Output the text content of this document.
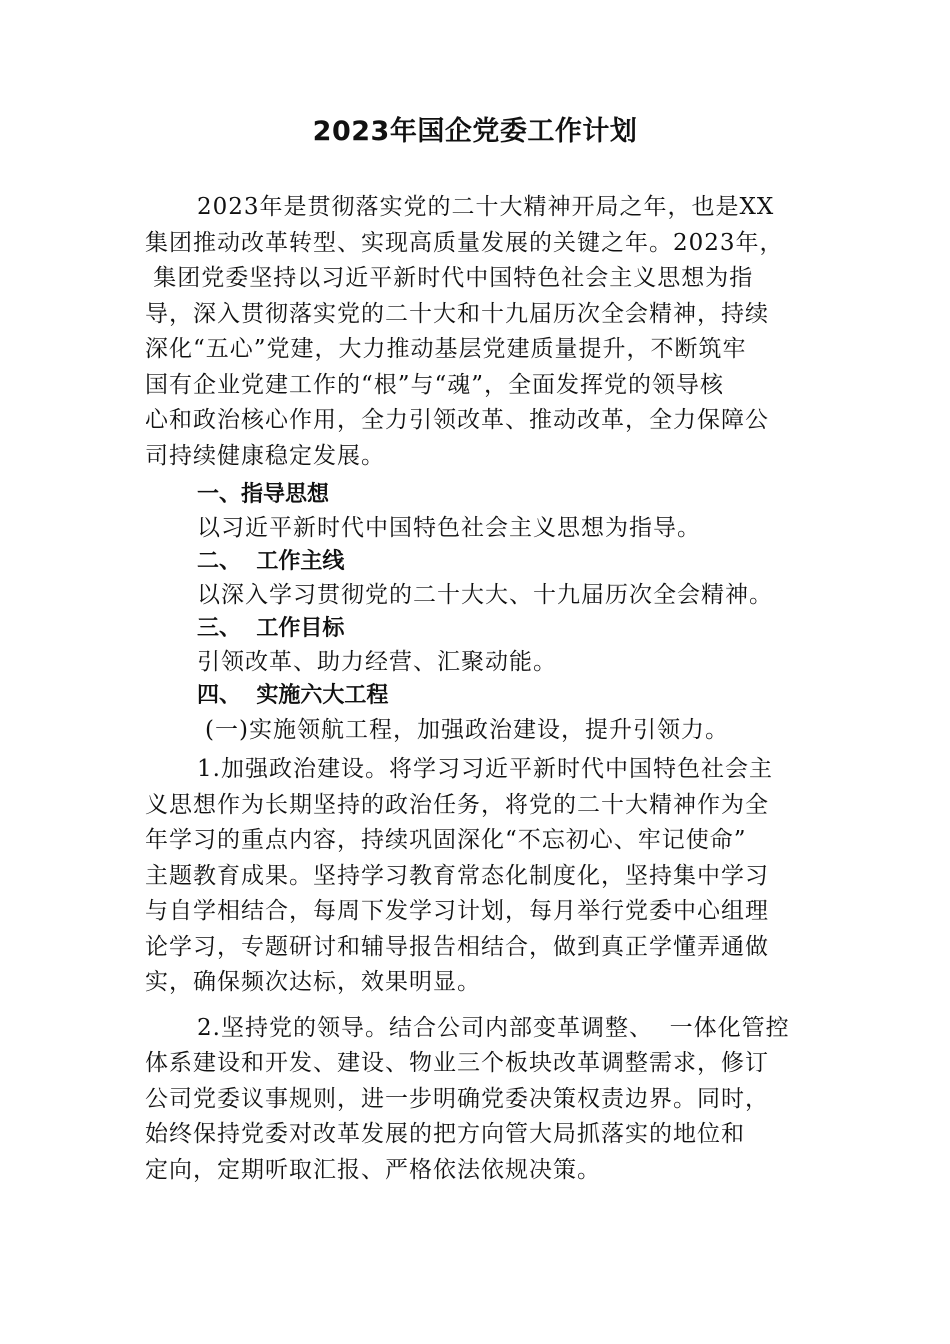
2023年国企党委工作计划
2023年是贯彻落实党的二十大精神开局之年，也是XX
集团推动改革转型、实现高质量发展的关键之年。2023年，
集团党委坚持以习近平新时代中国特色社会主义思想为指
导，深入贯彻落实党的二十大和十九届历次全会精神，持续
深化“五心”党建，大力推动基层党建质量提升，不断筑牢
国有企业党建工作的“根”与“魂”，全面发挥党的领导核
心和政治核心作用，全力引领改革、推动改革，全力保障公
司持续健康稳定发展。
一、指导思想
以习近平新时代中国特色社会主义思想为指导。
二、  工作主线
以深入学习贯彻党的二十大大、十九届历次全会精神。
三、  工作目标
引领改革、助力经营、汇聚动能。
四、  实施六大工程
(一)实施领航工程，加强政治建设，提升引领力。
1.加强政治建设。将学习习近平新时代中国特色社会主
义思想作为长期坚持的政治任务，将党的二十大精神作为全
年学习的重点内容，持续巩固深化“不忘初心、牢记使命”
主题教育成果。坚持学习教育常态化制度化，坚持集中学习
与自学相结合，每周下发学习计划，每月举行党委中心组理
论学习，专题研讨和辅导报告相结合，做到真正学懂弄通做
实，确保频次达标，效果明显。
2.坚持党的领导。结合公司内部变革调整、  一体化管控
体系建设和开发、建设、物业三个板块改革调整需求，修订
公司党委议事规则，进一步明确党委决策权责边界。同时，
始终保持党委对改革发展的把方向管大局抓落实的地位和
定向，定期听取汇报、严格依法依规决策。
